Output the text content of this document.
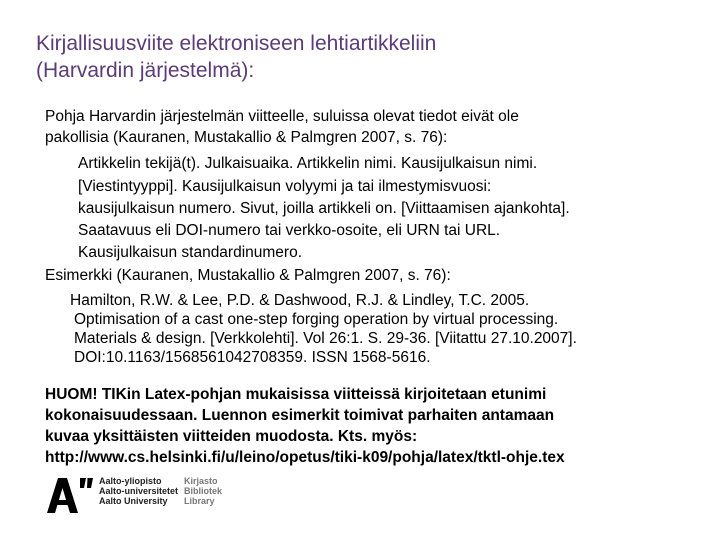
Kirjallisuusviite elektroniseen lehtiartikkeliin
(Harvardin järjestelmä):
Pohja Harvardin järjestelmän viitteelle, suluissa olevat tiedot eivät ole
pakollisia (Kauranen, Mustakallio & Palmgren 2007, s. 76):
Artikkelin tekijä(t). Julkaisuaika. Artikkelin nimi. Kausijulkaisun nimi.
[Viestintyyppi]. Kausijulkaisun volyymi ja tai ilmestymisvuosi:
kausijulkaisun numero. Sivut, joilla artikkeli on. [Viittaamisen ajankohta].
Saatavuus eli DOI-numero tai verkko-osoite, eli URN tai URL.
Kausijulkaisun standardinumero.
Esimerkki (Kauranen, Mustakallio & Palmgren 2007, s. 76):
Hamilton, R.W. & Lee, P.D. & Dashwood, R.J. & Lindley, T.C. 2005.
Optimisation of a cast one-step forging operation by virtual processing.
Materials & design. [Verkkolehti]. Vol 26:1. S. 29-36. [Viitattu 27.10.2007].
DOI:10.1163/1568561042708359. ISSN 1568-5616.
HUOM! TIKin Latex-pohjan mukaisissa viitteissä kirjoitetaan etunimi
kokonaisuudessaan. Luennon esimerkit toimivat parhaiten antamaan
kuvaa yksittäisten viitteiden muodosta. Kts. myös:
http://www.cs.helsinki.fi/u/leino/opetus/tiki-k09/pohja/latex/tktl-ohje.tex
Aalto-yliopisto	Kirjasto
Aalto-universitetet Bibliotek
Aalto University	Library
